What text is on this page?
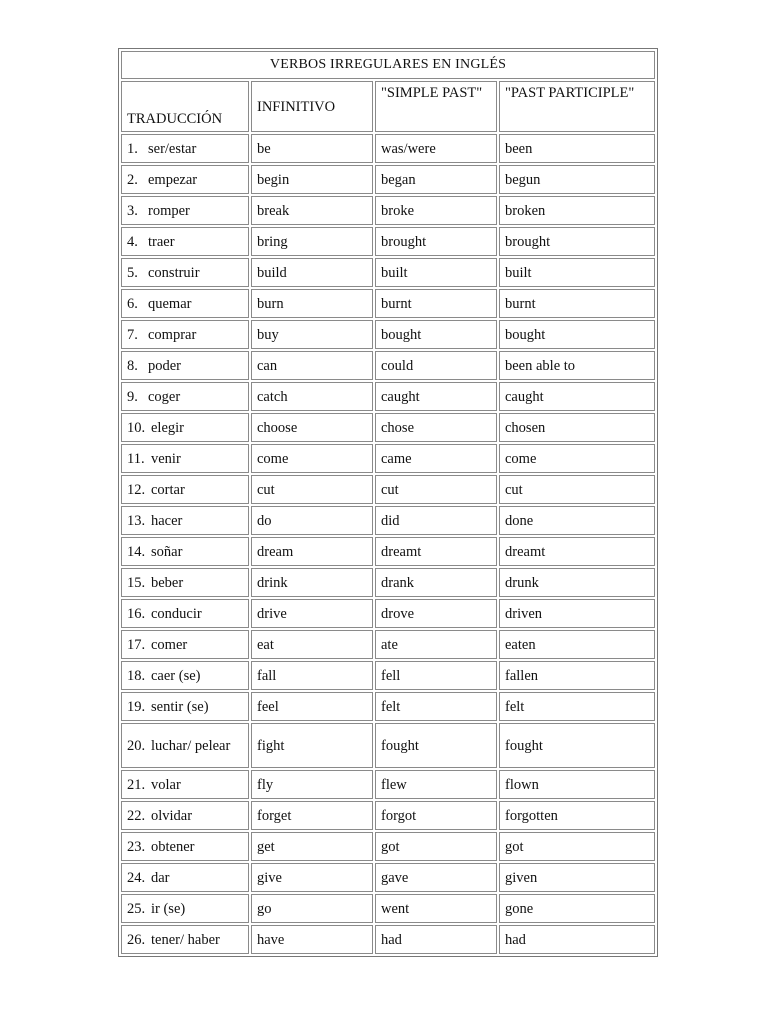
VERBOS IRREGULARES EN INGLÉS			
TRADUCCIÓN	INFINITIVO	"SIMPLE PAST"	"PAST PARTICIPLE"

1. ser/estar	be	was/were	been

2. empezar	begin	began	begun

3. romper	break	broke	broken

4. traer	bring	brought	brought

5. construir	build	built	built

6. quemar	burn	burnt	burnt

7. comprar	buy	bought	bought

8. poder	can	could	been able to

9. coger	catch	caught	caught

10. elegir	choose	chose	chosen

11. venir	come	came	come

12. cortar	cut	cut	cut

13. hacer	do	did	done

14. soñar	dream	dreamt	dreamt

15. beber	drink	drank	drunk

16. conducir	drive	drove	driven

17. comer	eat	ate	eaten

18. caer (se)	fall	fell	fallen

19. sentir (se)	feel	felt	felt

20. luchar/ pelear	fight	fought	fought

21. volar	fly	flew	flown

22. olvidar	forget	forgot	forgotten

23. obtener	get	got	got

24. dar	give	gave	given

25. ir (se)	go	went	gone

26. tener/ haber	have	had	had
